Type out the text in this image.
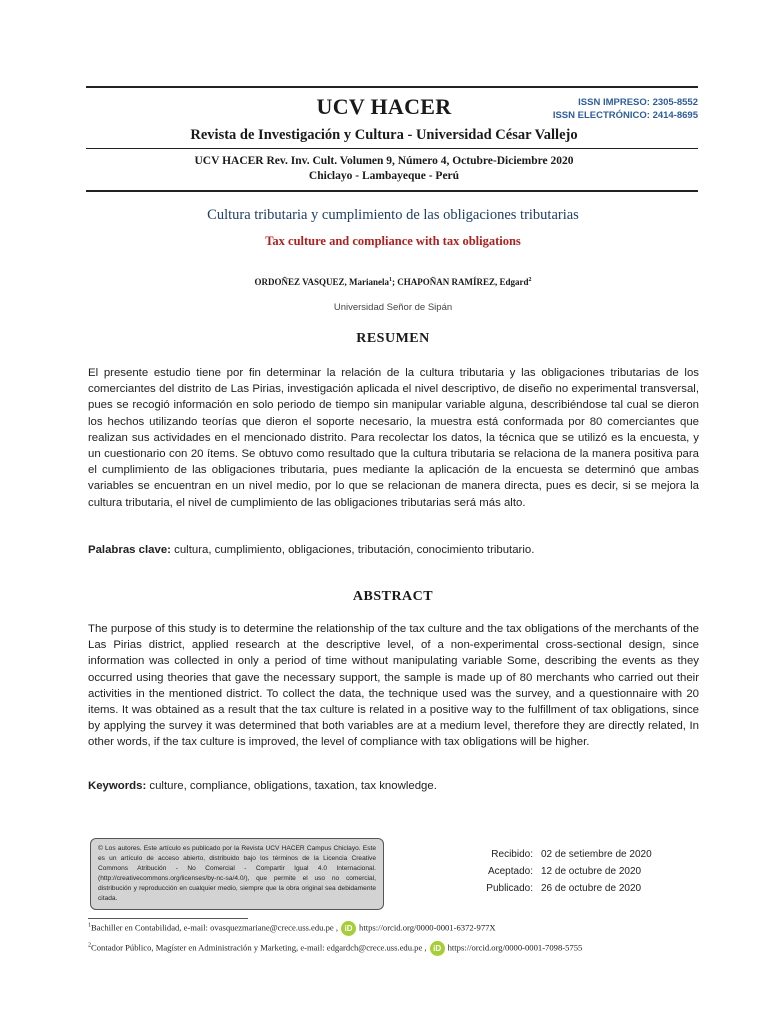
UCV HACER	ISSN IMPRESO: 2305-8552
ISSN ELECTRÓNICO: 2414-8695
Revista de Investigación y Cultura - Universidad César Vallejo
UCV HACER Rev. Inv. Cult. Volumen 9, Número 4, Octubre-Diciembre 2020
Chiclayo - Lambayeque - Perú
Cultura tributaria y cumplimiento de las obligaciones tributarias
Tax culture and compliance with tax obligations
ORDOÑEZ VASQUEZ, Marianela$^1$; CHAPOÑAN RAMÍREZ, Edgard$^2$
Universidad Señor de Sipán
RESUMEN
El presente estudio tiene por fin determinar la relación de la cultura tributaria y las obligaciones tributarias de los comerciantes del distrito de Las Pirias, investigación aplicada el nivel descriptivo, de diseño no experimental transversal, pues se recogió información en solo periodo de tiempo sin manipular variable alguna, describiéndose tal cual se dieron los hechos utilizando teorías que dieron el soporte necesario, la muestra está conformada por 80 comerciantes que realizan sus actividades en el mencionado distrito. Para recolectar los datos, la técnica que se utilizó es la encuesta, y un cuestionario con 20 ítems. Se obtuvo como resultado que la cultura tributaria se relaciona de la manera positiva para el cumplimiento de las obligaciones tributaria, pues mediante la aplicación de la encuesta se determinó que ambas variables se encuentran en un nivel medio, por lo que se relacionan de manera directa, pues es decir, si se mejora la cultura tributaria, el nivel de cumplimiento de las obligaciones tributarias será más alto.
Palabras clave: cultura, cumplimiento, obligaciones, tributación, conocimiento tributario.
ABSTRACT
The purpose of this study is to determine the relationship of the tax culture and the tax obligations of the merchants of the Las Pirias district, applied research at the descriptive level, of a non-experimental cross-sectional design, since information was collected in only a period of time without manipulating variable Some, describing the events as they occurred using theories that gave the necessary support, the sample is made up of 80 merchants who carried out their activities in the mentioned district. To collect the data, the technique used was the survey, and a questionnaire with 20 items. It was obtained as a result that the tax culture is related in a positive way to the fulfillment of tax obligations, since by applying the survey it was determined that both variables are at a medium level, therefore they are directly related, In other words, if the tax culture is improved, the level of compliance with tax obligations will be higher.
Keywords: culture, compliance, obligations, taxation, tax knowledge.
© Los autores. Este artículo es publicado por la Revista UCV HACER Campus Chiclayo. Este es un artículo de acceso abierto, distribuido bajo los términos de la Licencia Creative Commons Atribución - No Comercial - Compartir Igual 4.0 Internacional. (http://creativecommons.org/licenses/by-nc-sa/4.0/), que permite el uso no comercial, distribución y reproducción en cualquier medio, siempre que la obra original sea debidamente citada.
Recibido: 02 de setiembre de 2020
Aceptado: 12 de octubre de 2020
Publicado: 26 de octubre de 2020
$^1$Bachiller en Contabilidad, e-mail: ovasquezmariane@crece.uss.edu.pe , iD https://orcid.org/0000-0001-6372-977X
$^2$Contador Público, Magíster en Administración y Marketing, e-mail: edgardch@crece.uss.edu.pe , iD https://orcid.org/0000-0001-7098-5755
